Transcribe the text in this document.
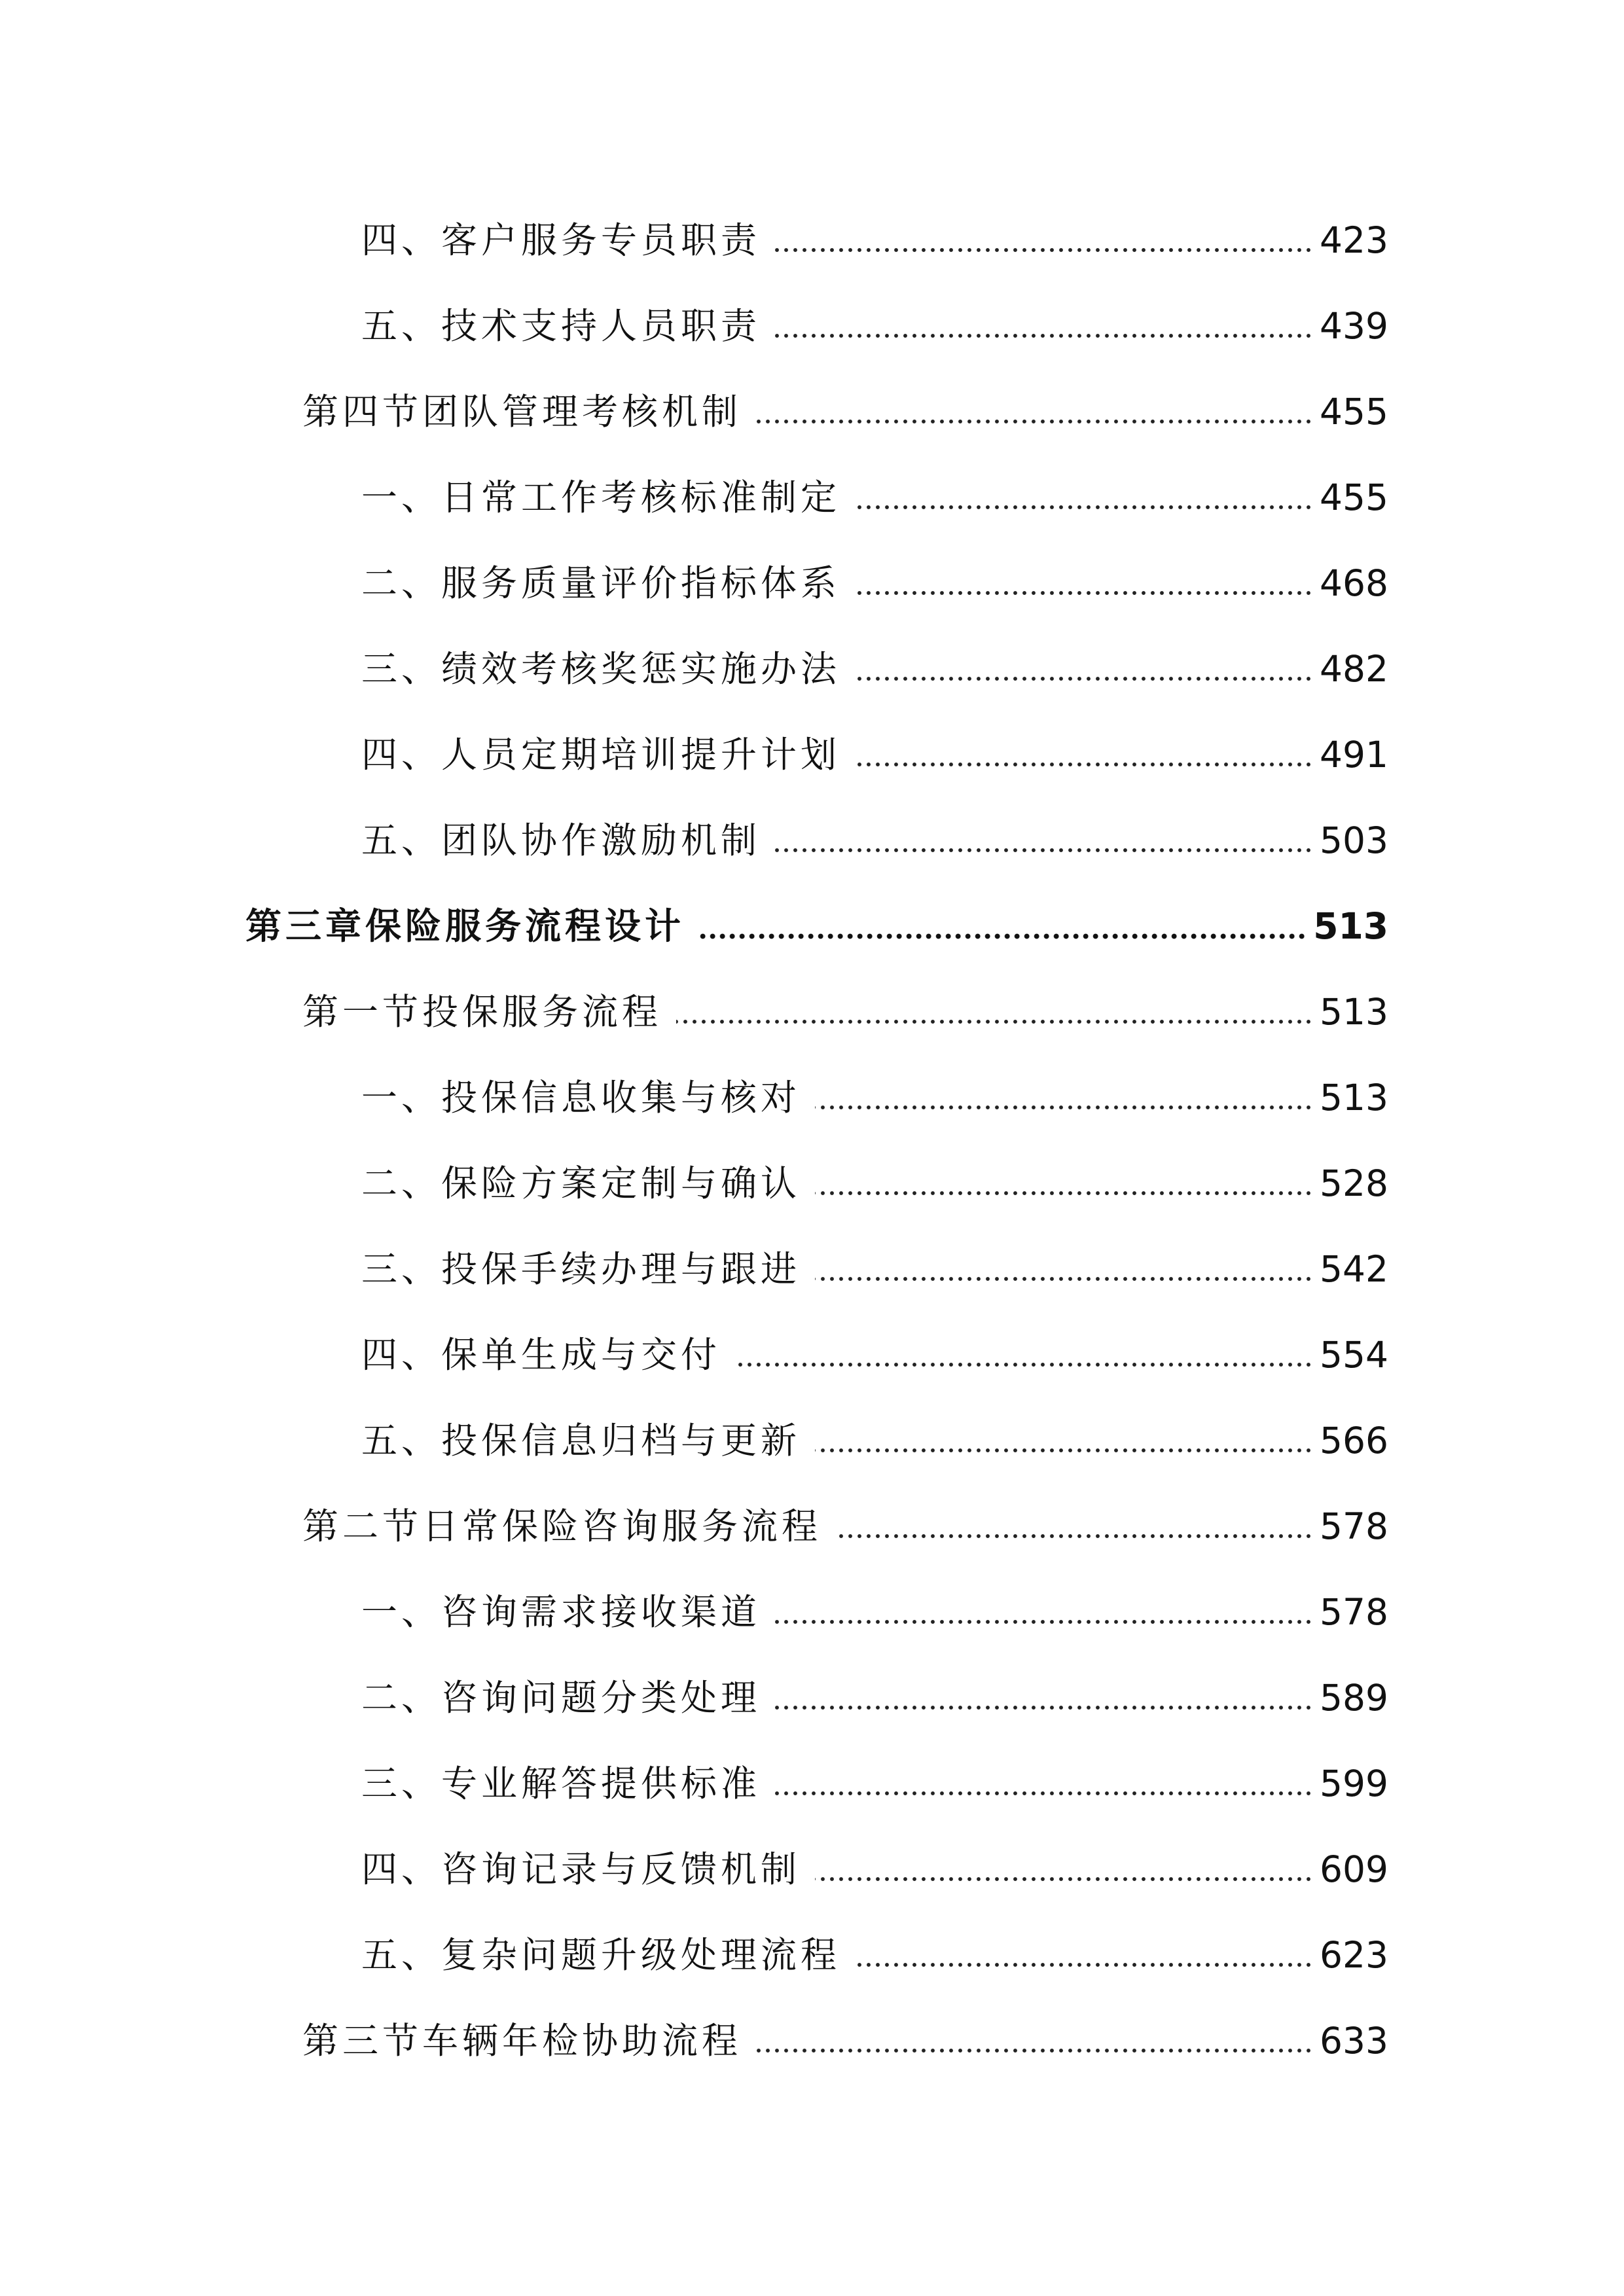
四、客户服务专员职责	423
五、技术支持人员职责	439
第四节团队管理考核机制	455
一、日常工作考核标准制定	455
二、服务质量评价指标体系	468
三、绩效考核奖惩实施办法	482
四、人员定期培训提升计划	491
五、团队协作激励机制	503
第三章保险服务流程设计	513
第一节投保服务流程	513
一、投保信息收集与核对	513
二、保险方案定制与确认	528
三、投保手续办理与跟进	542
四、保单生成与交付	554
五、投保信息归档与更新	566
第二节日常保险咨询服务流程	578
一、咨询需求接收渠道	578
二、咨询问题分类处理	589
三、专业解答提供标准	599
四、咨询记录与反馈机制	609
五、复杂问题升级处理流程	623
第三节车辆年检协助流程	633
